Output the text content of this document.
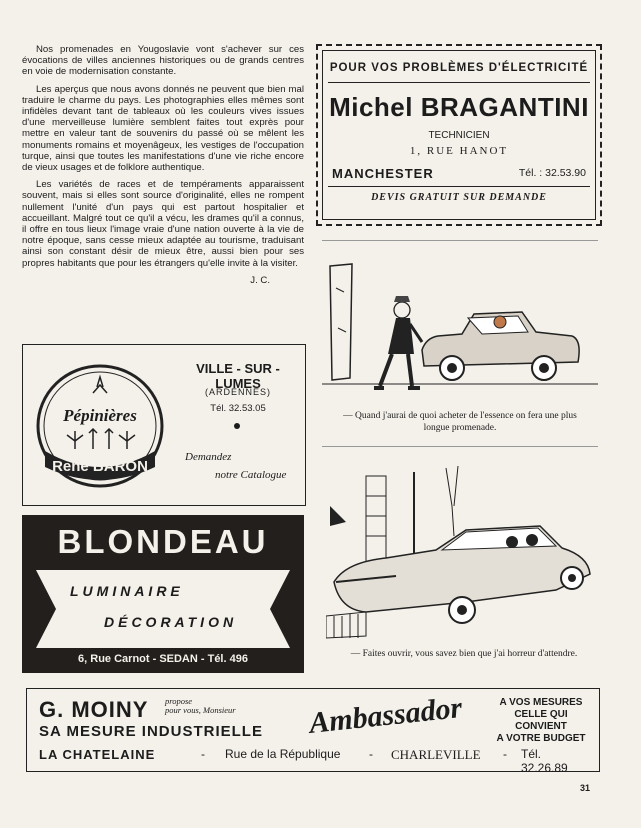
Nos promenades en Yougoslavie vont s'achever sur ces évocations de villes anciennes historiques ou de grands centres en voie de modernisation constante.

Les aperçus que nous avons donnés ne peuvent que bien mal traduire le charme du pays. Les photographies elles mêmes sont infidèles devant tant de tableaux où les couleurs vives issues d'une merveilleuse lumière semblent faites tout exprès pour mettre en valeur tant de souvenirs du passé où se mêlent les monuments romains et moyenâgeux, les vestiges de l'occupation turque, ainsi que toutes les manifestations d'une vie riche encore de vieux usages et de folklore authentique.

Les variétés de races et de tempéraments apparaissent souvent, mais si elles sont source d'originalité, elles ne rompent nullement l'unité d'un pays qui est partout hospitalier et accueillant. Malgré tout ce qu'il a vécu, les drames qu'il a connus, il offre en tous lieux l'image vraie d'une nation ouverte à la vie de notre époque, sans cesse mieux adaptée au tourisme, traduisant ainsi son constant désir de mieux être, aussi bien pour ses propres habitants que pour les étrangers qu'elle invite à la visiter.

J. C.
POUR VOS PROBLÈMES D'ÉLECTRICITÉ
Michel BRAGANTINI
TECHNICIEN
1, RUE HANOT
MANCHESTER	Tél. : 32.53.90
DEVIS GRATUIT SUR DEMANDE
— Quand j'aurai de quoi acheter de l'essence on fera une plus longue promenade.
— Faites ouvrir, vous savez bien que j'ai horreur d'attendre.
Pépinières
René BARON
VILLE - SUR - LUMES
(ARDENNES)
Tél. 32.53.05
Demandez
notre Catalogue
BLONDEAU
LUMINAIRE
DÉCORATION
6, Rue Carnot - SEDAN - Tél. 496
G. MOINY propose
pour vous, Monsieur
SA MESURE INDUSTRIELLE Ambassador	A VOS MESURES
CELLE QUI CONVIENT
A VOTRE BUDGET
LA CHATELAINE	- Rue de la République - CHARLEVILLE - Tél. 32.26.89
31
